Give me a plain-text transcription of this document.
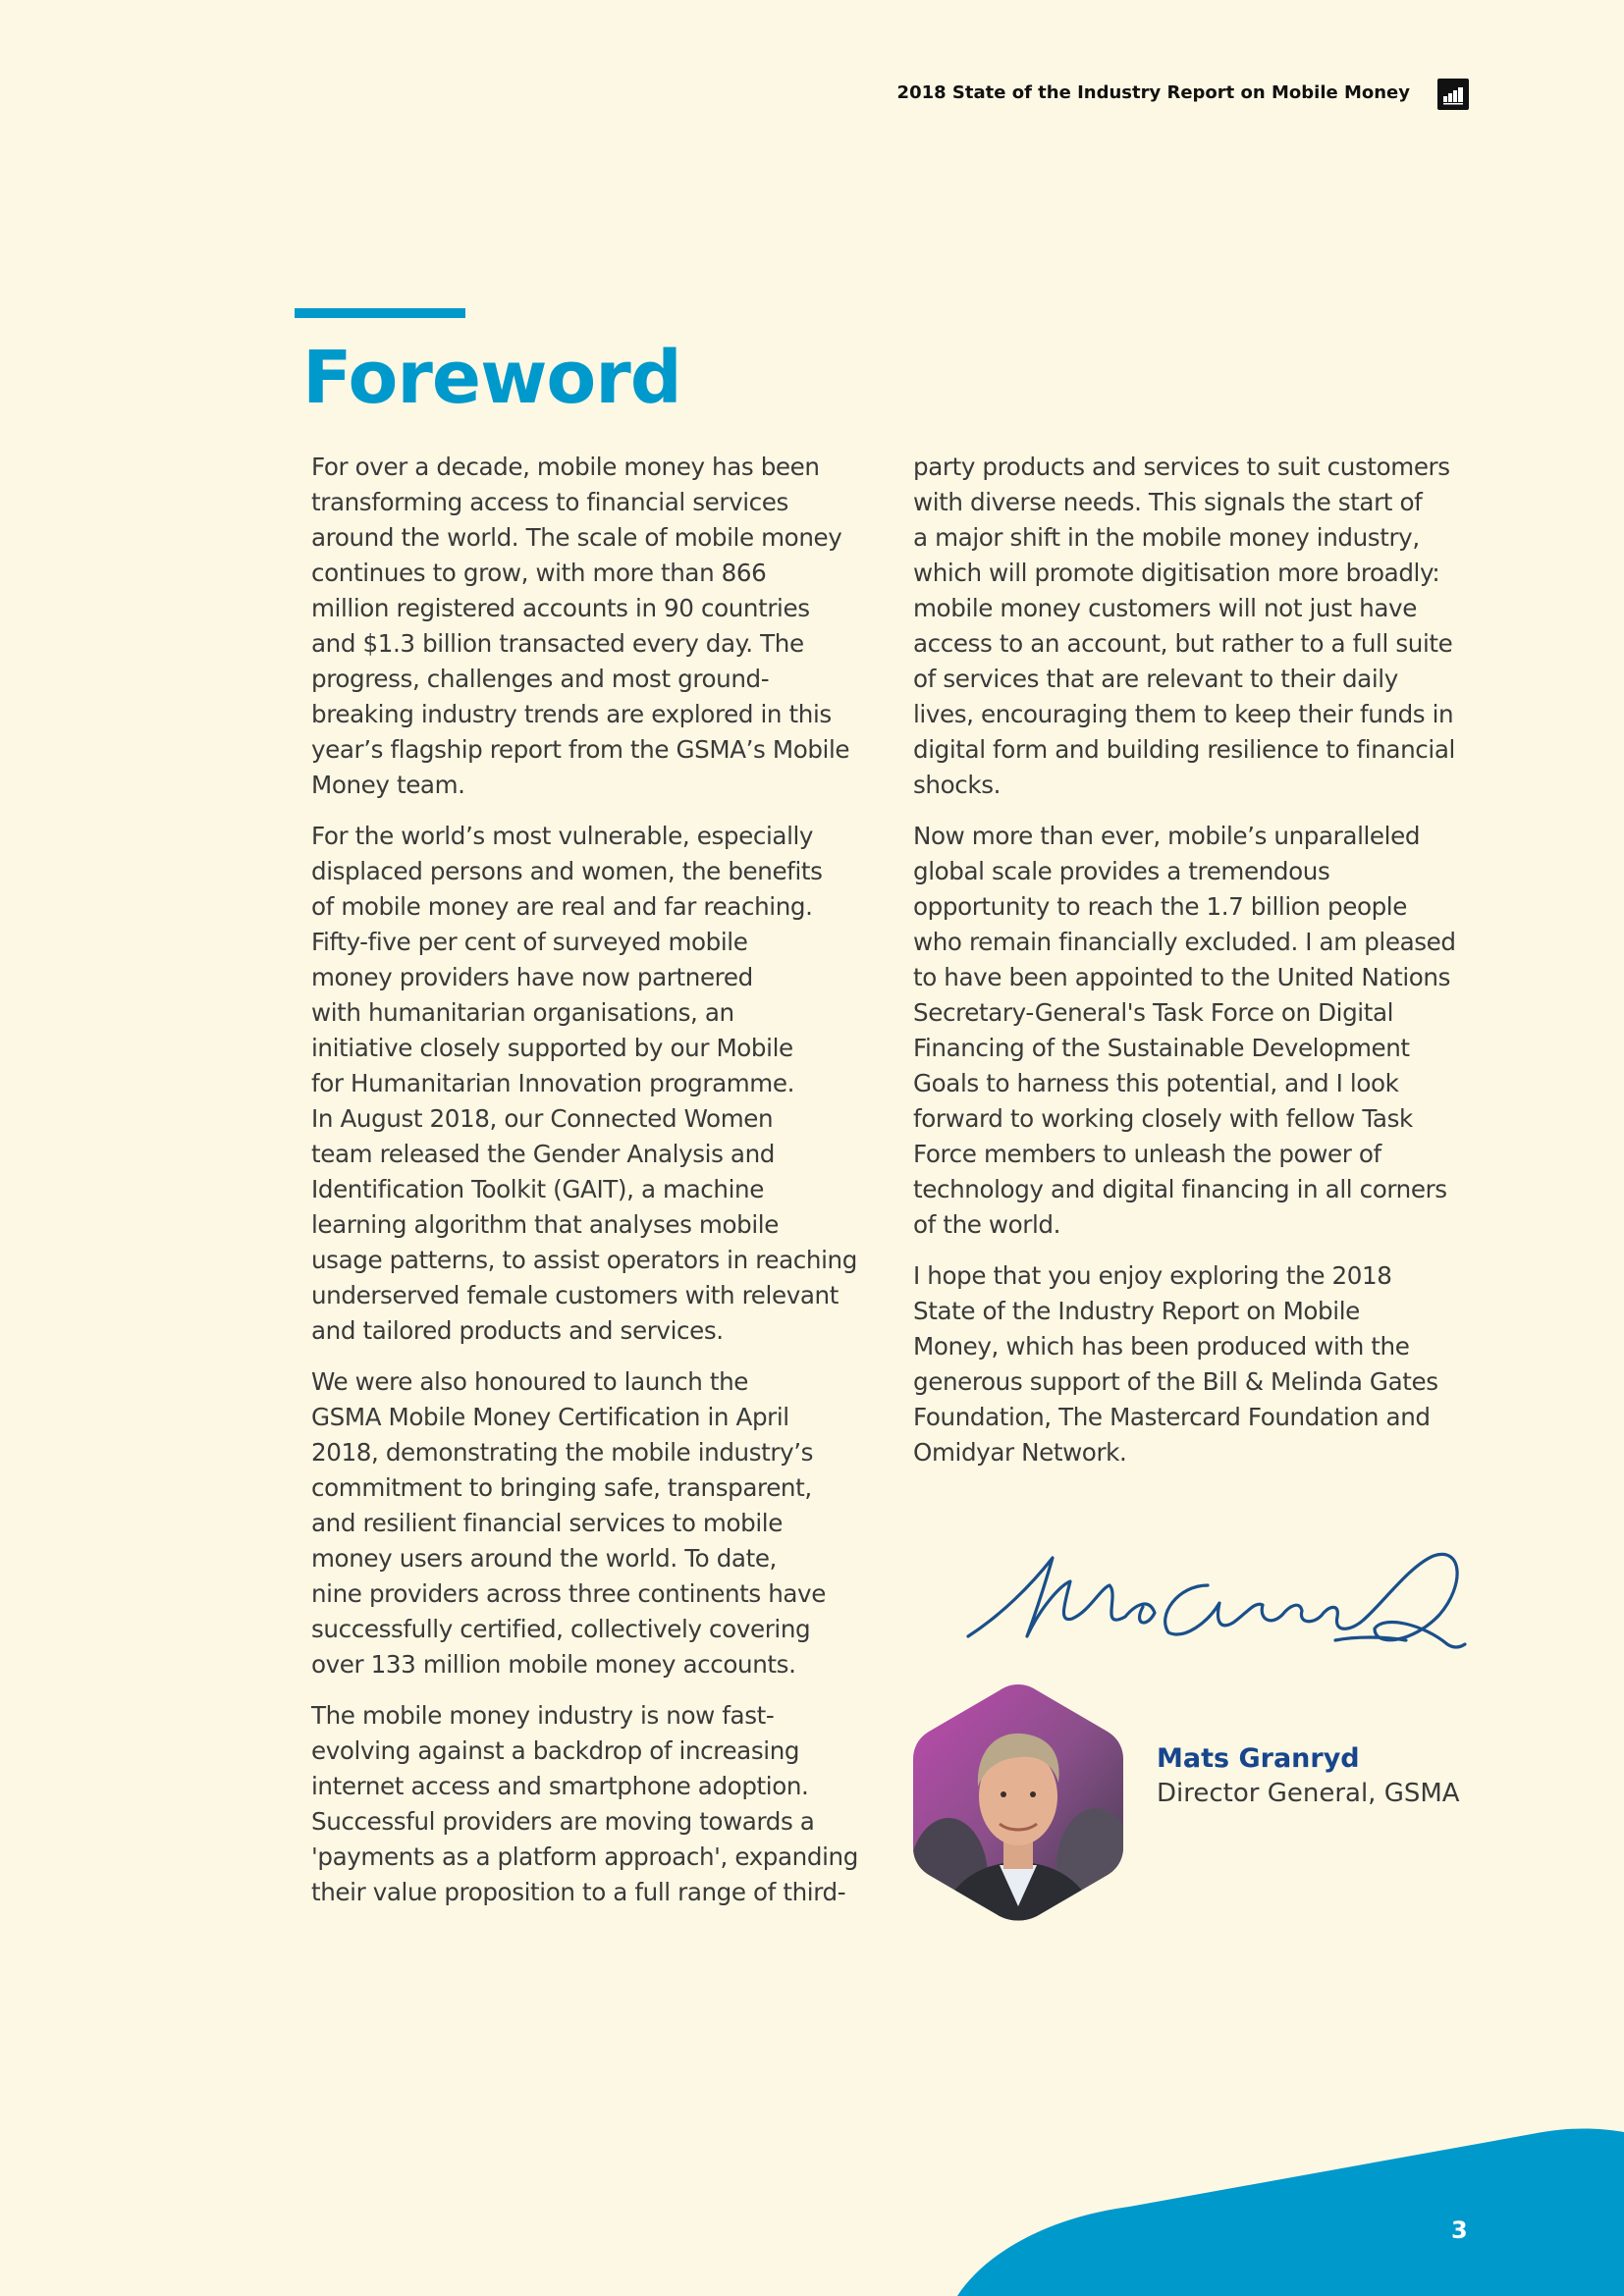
2018 State of the Industry Report on Mobile Money
Foreword

For over a decade, mobile money has been
transforming access to financial services
around the world. The scale of mobile money
continues to grow, with more than 866
million registered accounts in 90 countries
and $1.3 billion transacted every day. The
progress, challenges and most ground-
breaking industry trends are explored in this
year’s flagship report from the GSMA’s Mobile
Money team.

For the world’s most vulnerable, especially
displaced persons and women, the benefits
of mobile money are real and far reaching.
Fifty-five per cent of surveyed mobile
money providers have now partnered
with humanitarian organisations, an
initiative closely supported by our Mobile
for Humanitarian Innovation programme.
In August 2018, our Connected Women
team released the Gender Analysis and
Identification Toolkit (GAIT), a machine
learning algorithm that analyses mobile
usage patterns, to assist operators in reaching
underserved female customers with relevant
and tailored products and services.

We were also honoured to launch the
GSMA Mobile Money Certification in April
2018, demonstrating the mobile industry’s
commitment to bringing safe, transparent,
and resilient financial services to mobile
money users around the world. To date,
nine providers across three continents have
successfully certified, collectively covering
over 133 million mobile money accounts.

The mobile money industry is now fast-
evolving against a backdrop of increasing
internet access and smartphone adoption.
Successful providers are moving towards a
'payments as a platform approach', expanding
their value proposition to a full range of third-

party products and services to suit customers
with diverse needs. This signals the start of
a major shift in the mobile money industry,
which will promote digitisation more broadly:
mobile money customers will not just have
access to an account, but rather to a full suite
of services that are relevant to their daily
lives, encouraging them to keep their funds in
digital form and building resilience to financial
shocks.

Now more than ever, mobile’s unparalleled
global scale provides a tremendous
opportunity to reach the 1.7 billion people
who remain financially excluded. I am pleased
to have been appointed to the United Nations
Secretary-General's Task Force on Digital
Financing of the Sustainable Development
Goals to harness this potential, and I look
forward to working closely with fellow Task
Force members to unleash the power of
technology and digital financing in all corners
of the world.

I hope that you enjoy exploring the 2018
State of the Industry Report on Mobile
Money, which has been produced with the
generous support of the Bill & Melinda Gates
Foundation, The Mastercard Foundation and
Omidyar Network.

Mats Granryd
Director General, GSMA
3
